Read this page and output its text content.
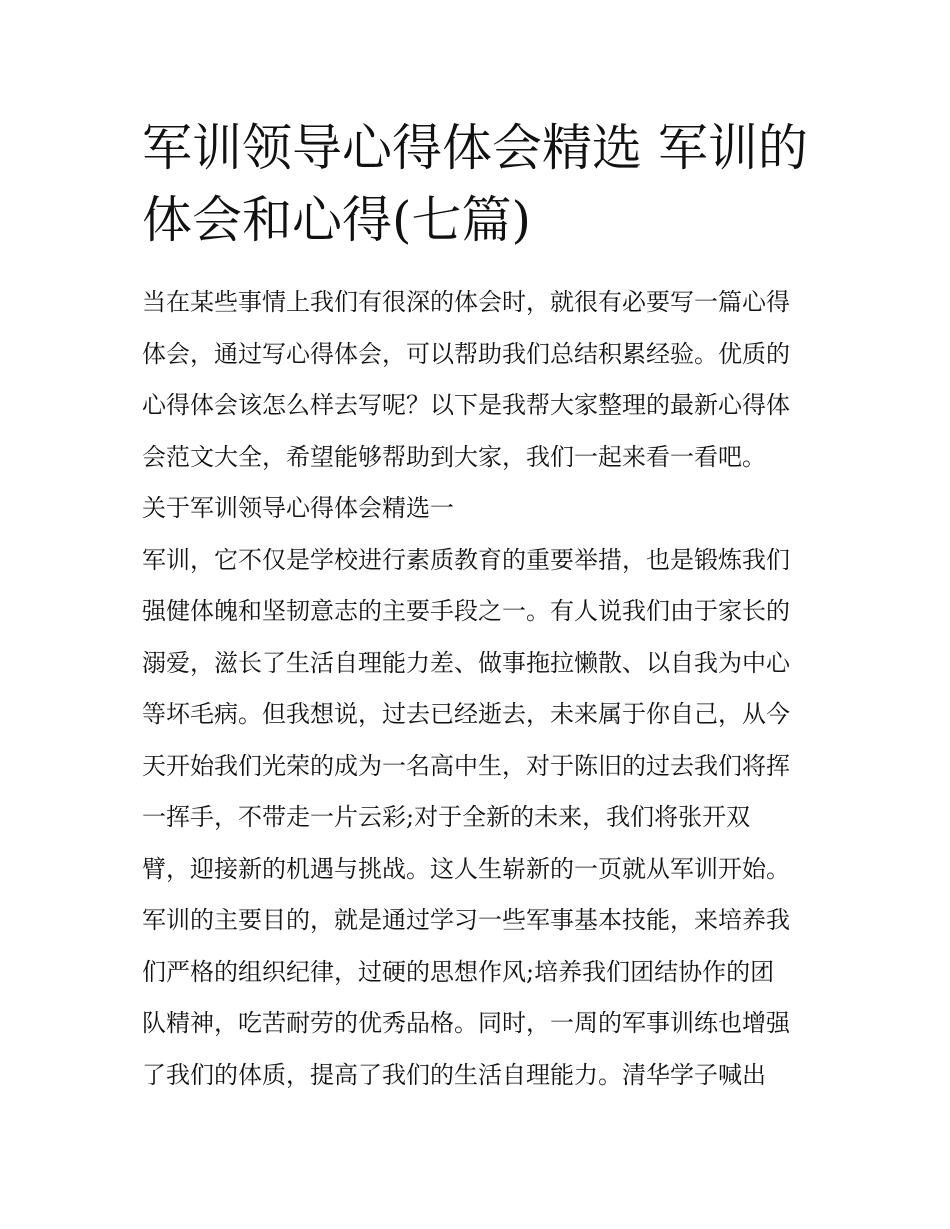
军训领导心得体会精选 军训的
体会和心得(七篇)

当在某些事情上我们有很深的体会时，就很有必要写一篇心得

体会，通过写心得体会，可以帮助我们总结积累经验。优质的

心得体会该怎么样去写呢？以下是我帮大家整理的最新心得体

会范文大全，希望能够帮助到大家，我们一起来看一看吧。

关于军训领导心得体会精选一

军训，它不仅是学校进行素质教育的重要举措，也是锻炼我们

强健体魄和坚韧意志的主要手段之一。有人说我们由于家长的

溺爱，滋长了生活自理能力差、做事拖拉懒散、以自我为中心

等坏毛病。但我想说，过去已经逝去，未来属于你自己，从今

天开始我们光荣的成为一名高中生，对于陈旧的过去我们将挥

一挥手，不带走一片云彩;对于全新的未来，我们将张开双

臂，迎接新的机遇与挑战。这人生崭新的一页就从军训开始。

军训的主要目的，就是通过学习一些军事基本技能，来培养我

们严格的组织纪律，过硬的思想作风;培养我们团结协作的团

队精神，吃苦耐劳的优秀品格。同时，一周的军事训练也增强

了我们的体质，提高了我们的生活自理能力。清华学子喊出
